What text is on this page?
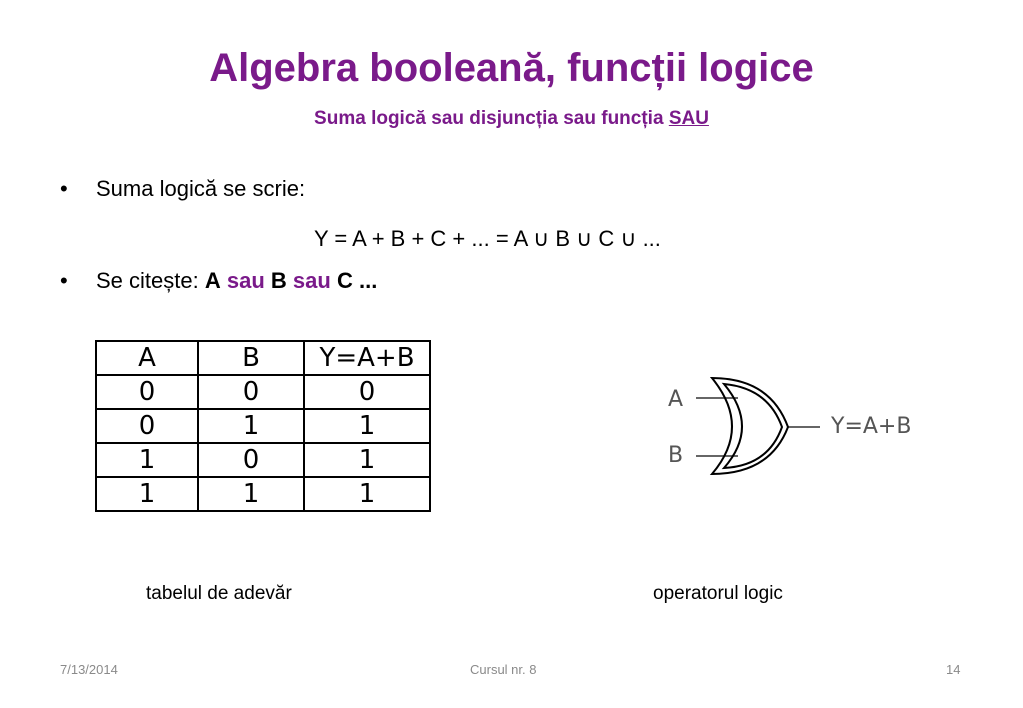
Algebra booleană, funcții logice
Suma logică sau disjuncția sau funcția SAU
• Suma logică se scrie:
Y = A + B + C + ... = A ∪ B ∪ C ∪ ...
• Se citește: A sau B sau C ...
A	B	Y=A+B
0	0	0
0	1	1
1	0	1
1	1	1
A
B
Y=A+B
tabelul de adevăr	operatorul logic
7/13/2014	Cursul nr. 8	14
